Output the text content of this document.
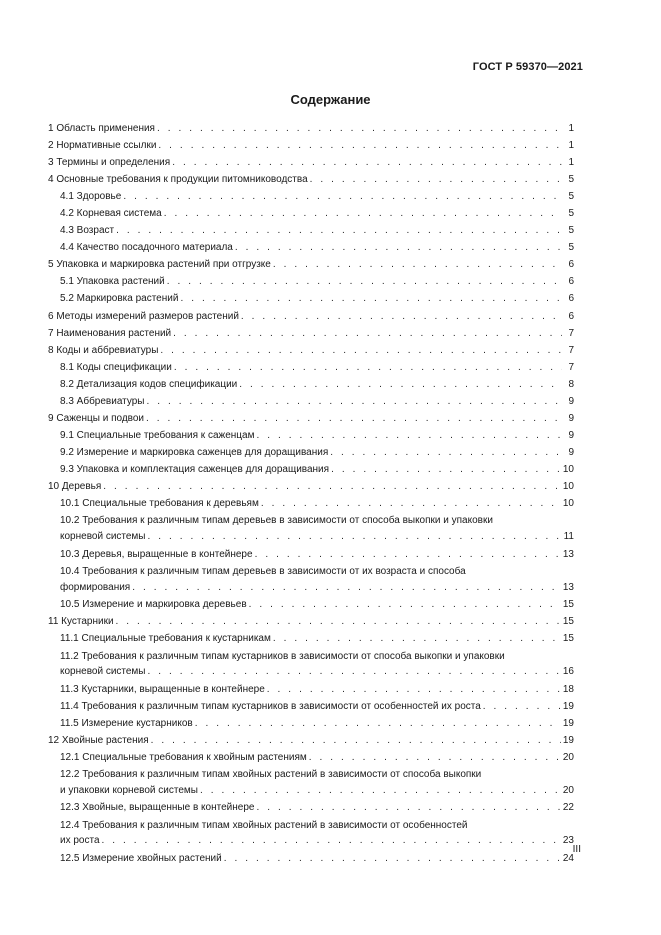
ГОСТ Р 59370—2021
Содержание
1 Область применения . . .	1
2 Нормативные ссылки . . .	1
3 Термины и определения . . .	1
4 Основные требования к продукции питомниководства . . .	5
4.1 Здоровье . . .	5
4.2 Корневая система . . .	5
4.3 Возраст . . .	5
4.4 Качество посадочного материала . . .	5
5 Упаковка и маркировка растений при отгрузке . . .	6
5.1 Упаковка растений . . .	6
5.2 Маркировка растений . . .	6
6 Методы измерений размеров растений . . .	6
7 Наименования растений . . .	7
8 Коды и аббревиатуры . . .	7
8.1 Коды спецификации . . .	7
8.2 Детализация кодов спецификации . . .	8
8.3 Аббревиатуры . . .	9
9 Саженцы и подвои . . .	9
9.1 Специальные требования к саженцам . . .	9
9.2 Измерение и маркировка саженцев для доращивания . . .	9
9.3 Упаковка и комплектация саженцев для доращивания . . .	10
10 Деревья . . .	10
10.1 Специальные требования к деревьям . . .	10
10.2 Требования к различным типам деревьев в зависимости от способа выкопки и упаковки
корневой системы . . .	11
10.3 Деревья, выращенные в контейнере . . .	13
10.4 Требования к различным типам деревьев в зависимости от их возраста и способа
формирования . . .	13
10.5 Измерение и маркировка деревьев . . .	15
11 Кустарники . . .	15
11.1 Специальные требования к кустарникам . . .	15
11.2 Требования к различным типам кустарников в зависимости от способа выкопки и упаковки
корневой системы . . .	16
11.3 Кустарники, выращенные в контейнере . . .	18
11.4 Требования к различным типам кустарников в зависимости от особенностей их роста . . .	19
11.5 Измерение кустарников . . .	19
12 Хвойные растения . . .	19
12.1 Специальные требования к хвойным растениям . . .	20
12.2 Требования к различным типам хвойных растений в зависимости от способа выкопки
и упаковки корневой системы . . .	20
12.3 Хвойные, выращенные в контейнере . . .	22
12.4 Требования к различным типам хвойных растений в зависимости от особенностей
их роста . . .	23
12.5 Измерение хвойных растений . . .	24
III
